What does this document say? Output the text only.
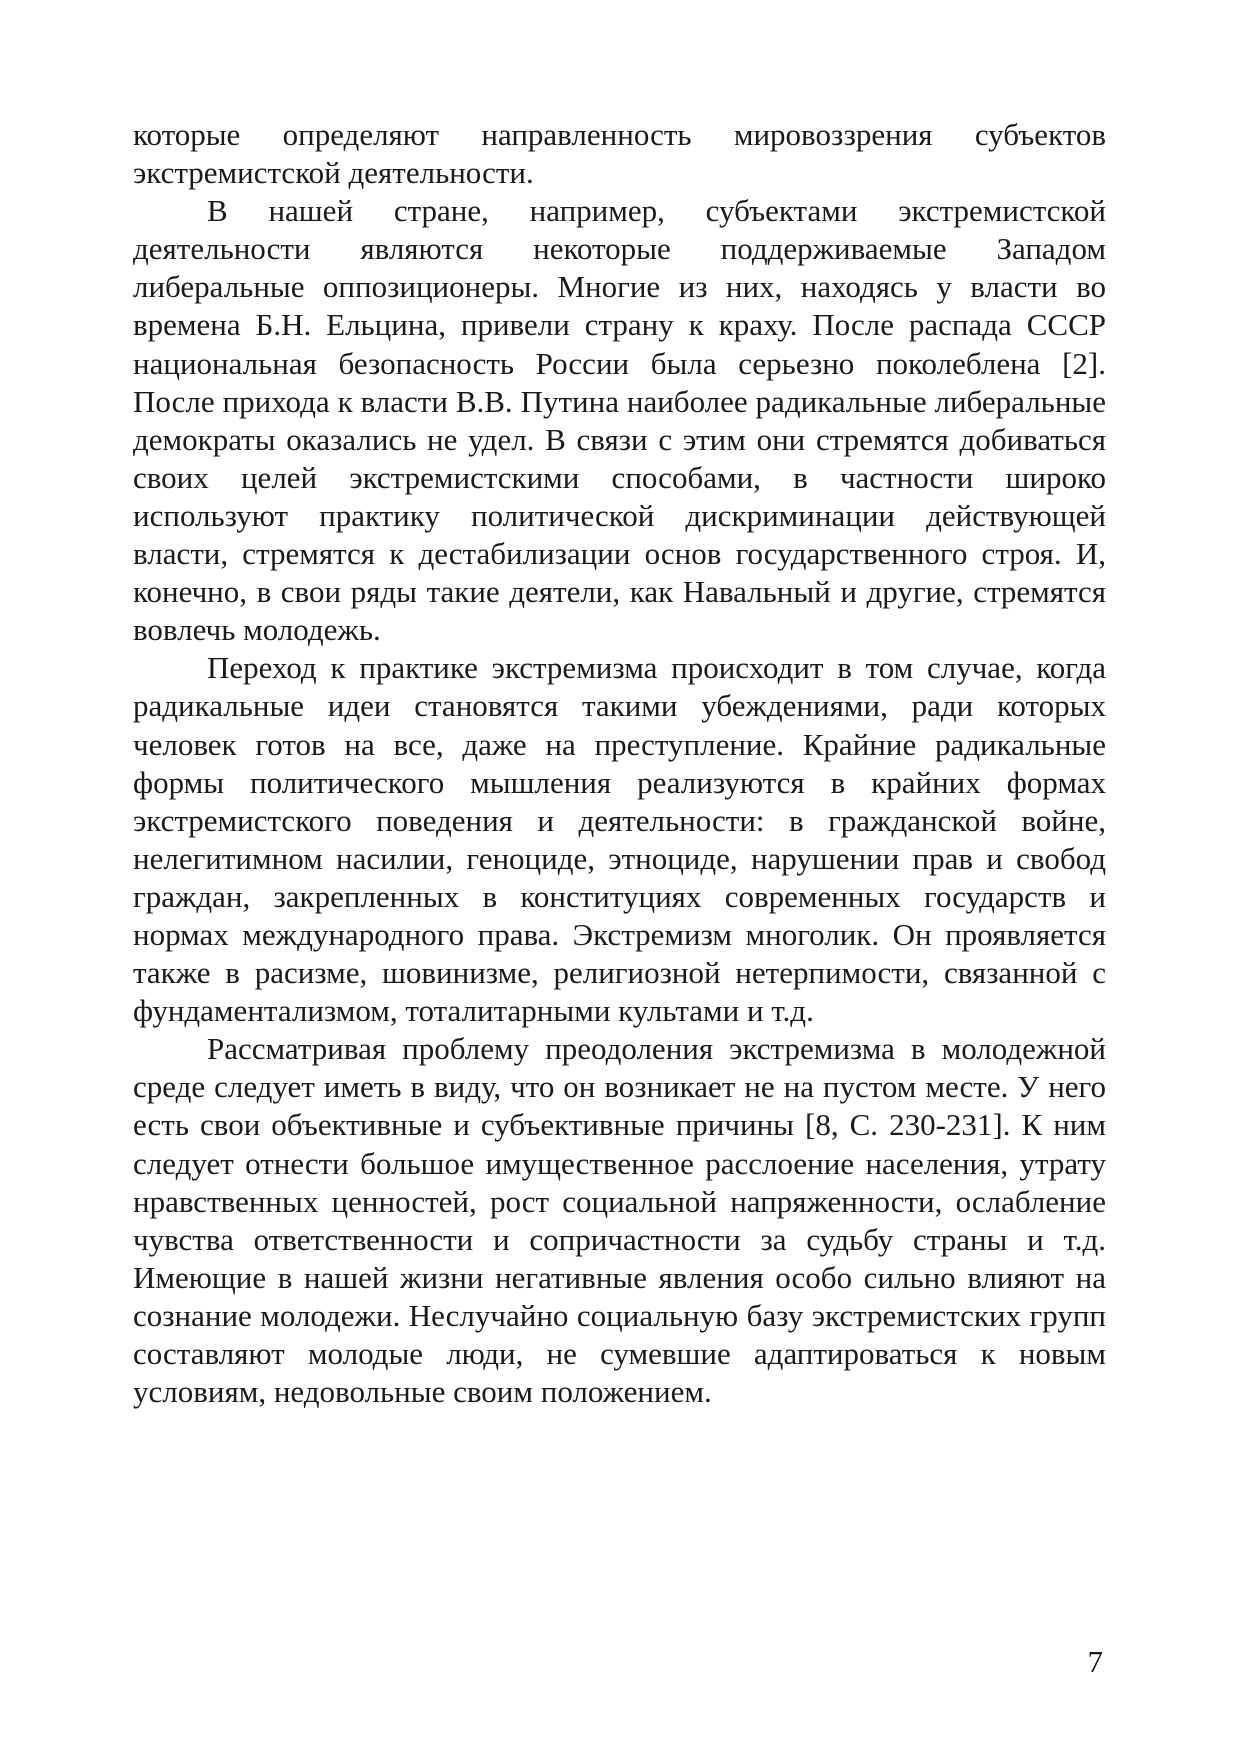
которые определяют направленность мировоззрения субъектов экстремистской деятельности.

В нашей стране, например, субъектами экстремистской деятельности являются некоторые поддерживаемые Западом либеральные оппозиционеры. Многие из них, находясь у власти во времена Б.Н. Ельцина, привели страну к краху. После распада СССР национальная безопасность России была серьезно поколеблена [2]. После прихода к власти В.В. Путина наиболее радикальные либеральные демократы оказались не удел. В связи с этим они стремятся добиваться своих целей экстремистскими способами, в частности широко используют практику политической дискриминации действующей власти, стремятся к дестабилизации основ государственного строя. И, конечно, в свои ряды такие деятели, как Навальный и другие, стремятся вовлечь молодежь.

Переход к практике экстремизма происходит в том случае, когда радикальные идеи становятся такими убеждениями, ради которых человек готов на все, даже на преступление. Крайние радикальные формы политического мышления реализуются в крайних формах экстремистского поведения и деятельности: в гражданской войне, нелегитимном насилии, геноциде, этноциде, нарушении прав и свобод граждан, закрепленных в конституциях современных государств и нормах международного права. Экстремизм многолик. Он проявляется также в расизме, шовинизме, религиозной нетерпимости, связанной с фундаментализмом, тоталитарными культами и т.д.

Рассматривая проблему преодоления экстремизма в молодежной среде следует иметь в виду, что он возникает не на пустом месте. У него есть свои объективные и субъективные причины [8, С. 230-231]. К ним следует отнести большое имущественное расслоение населения, утрату нравственных ценностей, рост социальной напряженности, ослабление чувства ответственности и сопричастности за судьбу страны и т.д. Имеющие в нашей жизни негативные явления особо сильно влияют на сознание молодежи. Неслучайно социальную базу экстремистских групп составляют молодые люди, не сумевшие адаптироваться к новым условиям, недовольные своим положением.

7
